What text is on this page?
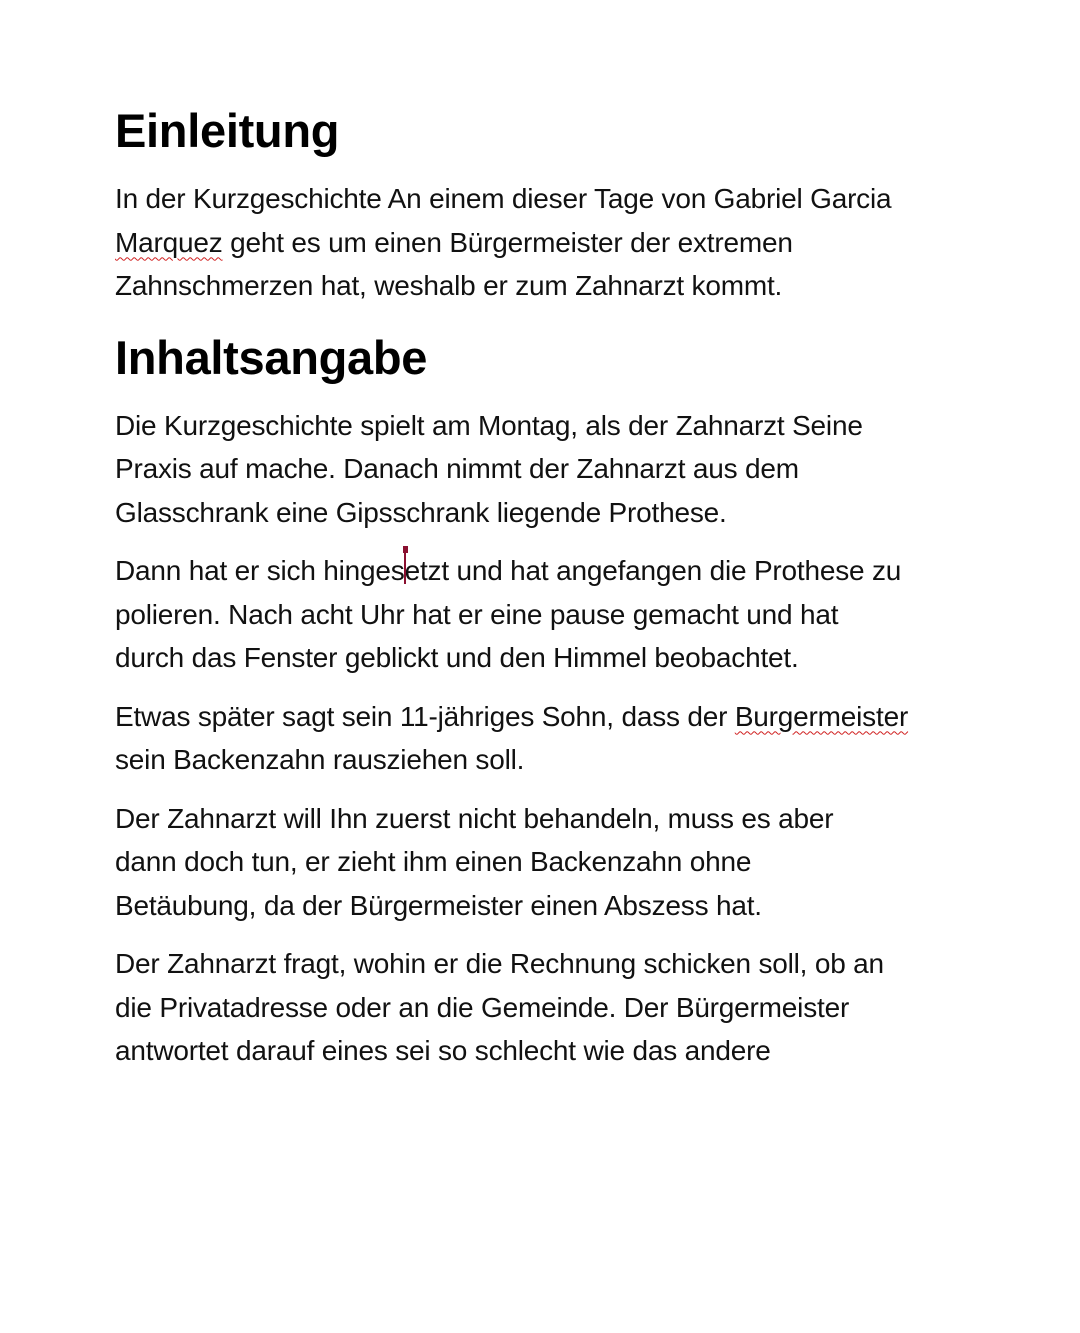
Einleitung

In der Kurzgeschichte An einem dieser Tage von Gabriel Garcia
Marquez geht es um einen Bürgermeister der extremen
Zahnschmerzen hat, weshalb er zum Zahnarzt kommt.

Inhaltsangabe

Die Kurzgeschichte spielt am Montag, als der Zahnarzt Seine
Praxis auf mache. Danach nimmt der Zahnarzt aus dem
Glasschrank eine Gipsschrank liegende Prothese.

Dann hat er sich hingesetzt und hat angefangen die Prothese zu
polieren. Nach acht Uhr hat er eine pause gemacht und hat
durch das Fenster geblickt und den Himmel beobachtet.

Etwas später sagt sein 11-jähriges Sohn, dass der Burgermeister
sein Backenzahn rausziehen soll.

Der Zahnarzt will Ihn zuerst nicht behandeln, muss es aber
dann doch tun, er zieht ihm einen Backenzahn ohne
Betäubung, da der Bürgermeister einen Abszess hat.

Der Zahnarzt fragt, wohin er die Rechnung schicken soll, ob an
die Privatadresse oder an die Gemeinde. Der Bürgermeister
antwortet darauf eines sei so schlecht wie das andere
